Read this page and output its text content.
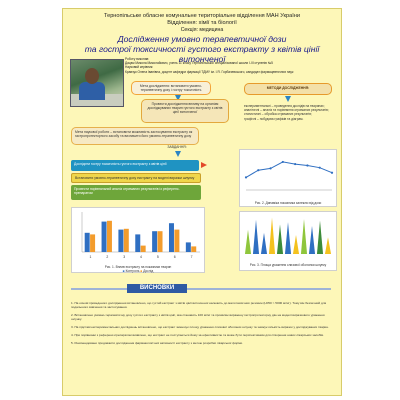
Тернопільське обласне комунальне територіальне відділення МАН України
Відділення: хімії та біології
Секція: медицина
Дослідження умовно терапевтичної дози
та гострої токсичності густого екстракту з квітів цінії витонченої
Роботу виконав:
Дацюк Микола Миколайович, учень 11 класу Тернопільської спеціалізованої школи І-ІІІ ступенів №5
Науковий керівник:
Кравчук Олена Іванівна, доцент кафедри фармації ТДМУ ім. І.Я. Горбачевського, кандидат фармацевтичних наук
Мета дослідження: встановити умовно-терапевтичну дозу і гостру токсичність
Провести дослідження впливу на організм досліджуваних тварин густого екстракту з квітів цінії витонченої
МЕТОДИ ДОСЛІДЖЕННЯ:
експериментальні – проведення дослідів на тваринах;
аналітичні – аналіз та порівняння отриманих результатів;
статистичні – обробка отриманих результатів;
графічні – побудова графіків та діаграм.
Мета наукової роботи – встановити можливість застосування екстракту як гастропротекторного засобу та визначити його умовно-терапевтичну дозу
ЗАВДАННЯ:
Дослідити гостру токсичність густого екстракту з квітів цінії
Встановити умовно-терапевтичну дозу екстракту на моделі виразки шлунку
Провести порівняльний аналіз отриманих результатів із референс-препаратом
Рис. 2. Динаміка показника залежно від дози
1	2	3	4	5	6	7
Рис. 1. Вплив екстракту на показники тварин
■ Контроль ■ Дослід
Рис. 3. Площа ураження слизової оболонки шлунку
ВИСНОВКИ

1. На основі проведеного дослідження встановлено, що густий екстракт з квітів цінії витонченої належить до малотоксичних речовин (LD50 > 5000 мг/кг). Тому він безпечний для подальшого вивчення та застосування.

2. Встановлено умовно-терапевтичну дозу густого екстракту з квітів цінії, яка становить 100 мг/кг та проявляє виражену гастропротекторну дію на моделі виразкового ураження шлунку.

3. На підставі експериментальних досліджень встановлено, що екстракт зменшує площу ураження слизової оболонки шлунку та знижує кількість виразок у досліджуваних тварин.

4. При порівнянні з референс-препаратом виявлено, що екстракт не поступається йому за ефективністю та може бути перспективним для створення нових лікарських засобів.

5. Рекомендовано продовжити дослідження фармакологічної активності екстракту з метою розробки лікарської форми.
